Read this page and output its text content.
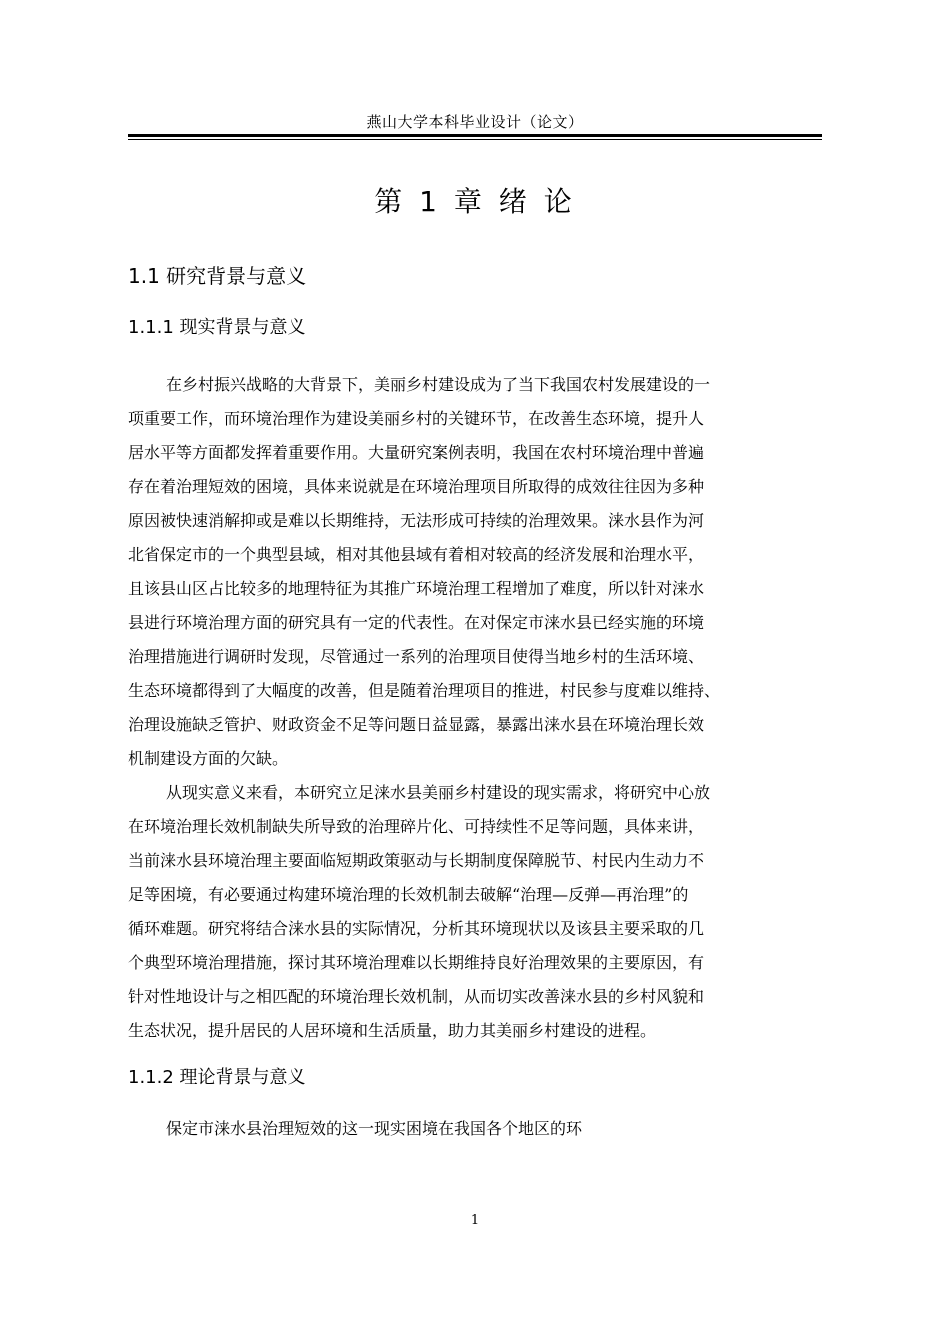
燕山大学本科毕业设计（论文）
第 1 章 绪 论
1.1 研究背景与意义
1.1.1 现实背景与意义
在乡村振兴战略的大背景下，美丽乡村建设成为了当下我国农村发展建设的一
项重要工作，而环境治理作为建设美丽乡村的关键环节，在改善生态环境，提升人
居水平等方面都发挥着重要作用。大量研究案例表明，我国在农村环境治理中普遍
存在着治理短效的困境，具体来说就是在环境治理项目所取得的成效往往因为多种
原因被快速消解抑或是难以长期维持，无法形成可持续的治理效果。涞水县作为河
北省保定市的一个典型县域，相对其他县域有着相对较高的经济发展和治理水平，
且该县山区占比较多的地理特征为其推广环境治理工程增加了难度，所以针对涞水
县进行环境治理方面的研究具有一定的代表性。在对保定市涞水县已经实施的环境
治理措施进行调研时发现，尽管通过一系列的治理项目使得当地乡村的生活环境、
生态环境都得到了大幅度的改善，但是随着治理项目的推进，村民参与度难以维持、
治理设施缺乏管护、财政资金不足等问题日益显露，暴露出涞水县在环境治理长效
机制建设方面的欠缺。
从现实意义来看，本研究立足涞水县美丽乡村建设的现实需求，将研究中心放
在环境治理长效机制缺失所导致的治理碎片化、可持续性不足等问题，具体来讲，
当前涞水县环境治理主要面临短期政策驱动与长期制度保障脱节、村民内生动力不
足等困境，有必要通过构建环境治理的长效机制去破解“治理—反弹—再治理”的
循环难题。研究将结合涞水县的实际情况，分析其环境现状以及该县主要采取的几
个典型环境治理措施，探讨其环境治理难以长期维持良好治理效果的主要原因，有
针对性地设计与之相匹配的环境治理长效机制，从而切实改善涞水县的乡村风貌和
生态状况，提升居民的人居环境和生活质量，助力其美丽乡村建设的进程。
1.1.2 理论背景与意义
保定市涞水县治理短效的这一现实困境在我国各个地区的环
1
